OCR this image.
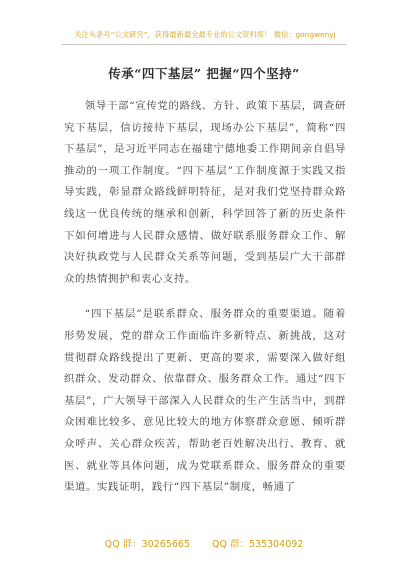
关注头条号“公文研究”，获得最新最全最专业的公文资料库！ 微信：gongwenyj
传承“四下基层” 把握“四个坚持”

领导干部“宣传党的路线、方针、政策下基层，调查研究下基层，信访接待下基层，现场办公下基层”，简称“四下基层”，是习近平同志在福建宁德地委工作期间亲自倡导推动的一项工作制度。“四下基层”工作制度源于实践又指导实践，彰显群众路线鲜明特征，是对我们党坚持群众路线这一优良传统的继承和创新，科学回答了新的历史条件下如何增进与人民群众感情、做好联系服务群众工作、解决好执政党与人民群众关系等问题，受到基层广大干部群众的热情拥护和衷心支持。

“四下基层”是联系群众、服务群众的重要渠道。随着形势发展，党的群众工作面临许多新特点、新挑战，这对贯彻群众路线提出了更新、更高的要求，需要深入做好组织群众、发动群众、依靠群众、服务群众工作。通过“四下基层”，广大领导干部深入人民群众的生产生活当中，到群众困难比较多、意见比较大的地方体察群众意愿、倾听群众呼声、关心群众疾苦，帮助老百姓解决出行、教育、就医、就业等具体问题，成为党联系群众、服务群众的重要渠道。实践证明，践行“四下基层”制度，畅通了

QQ 群：30265665 QQ 群：535304092
